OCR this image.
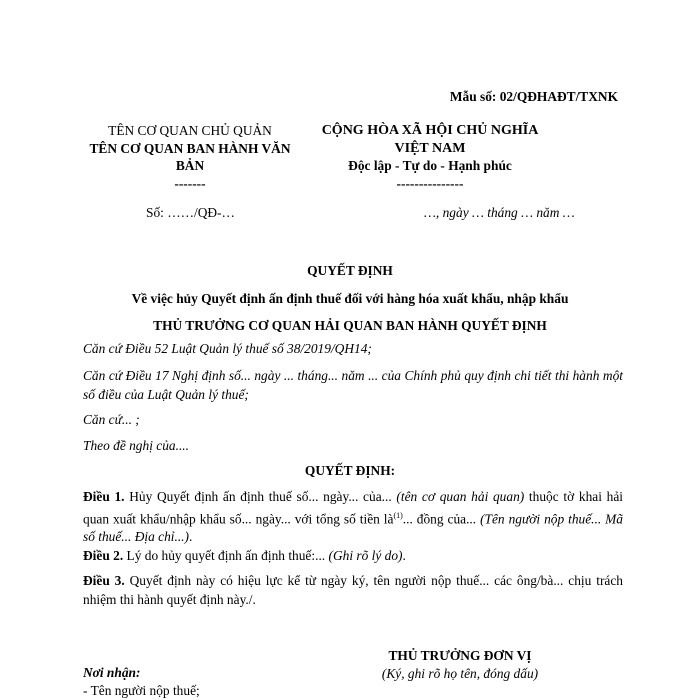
Mẫu số: 02/QĐHAĐT/TXNK
TÊN CƠ QUAN CHỦ QUẢN
TÊN CƠ QUAN BAN HÀNH VĂN BẢN
-------
Số: ……/QĐ-…
CỘNG HÒA XÃ HỘI CHỦ NGHĨA VIỆT NAM
Độc lập - Tự do - Hạnh phúc
---------------
…, ngày … tháng … năm …
QUYẾT ĐỊNH
Về việc hủy Quyết định ấn định thuế đối với hàng hóa xuất khẩu, nhập khẩu
THỦ TRƯỞNG CƠ QUAN HẢI QUAN BAN HÀNH QUYẾT ĐỊNH

Căn cứ Điều 52 Luật Quản lý thuế số 38/2019/QH14;

Căn cứ Điều 17 Nghị định số... ngày ... tháng... năm ... của Chính phủ quy định chi tiết thi hành một số điều của Luật Quản lý thuế;

Căn cứ... ;

Theo đề nghị của....

QUYẾT ĐỊNH:

Điều 1. Hủy Quyết định ấn định thuế số... ngày... của... (tên cơ quan hải quan) thuộc tờ khai hải quan xuất khẩu/nhập khẩu số... ngày... với tổng số tiền $là^{(1)}$... đồng của... (Tên người nộp thuế... Mã số thuế... Địa chỉ...).

Điều 2. Lý do hủy quyết định ấn định thuế:... (Ghi rõ lý do).

Điều 3. Quyết định này có hiệu lực kể từ ngày ký, tên người nộp thuế... các ông/bà... chịu trách nhiệm thi hành quyết định này./.

THỦ TRƯỞNG ĐƠN VỊ
(Ký, ghi rõ họ tên, đóng dấu)
Nơi nhận:
- Tên người nộp thuế;
